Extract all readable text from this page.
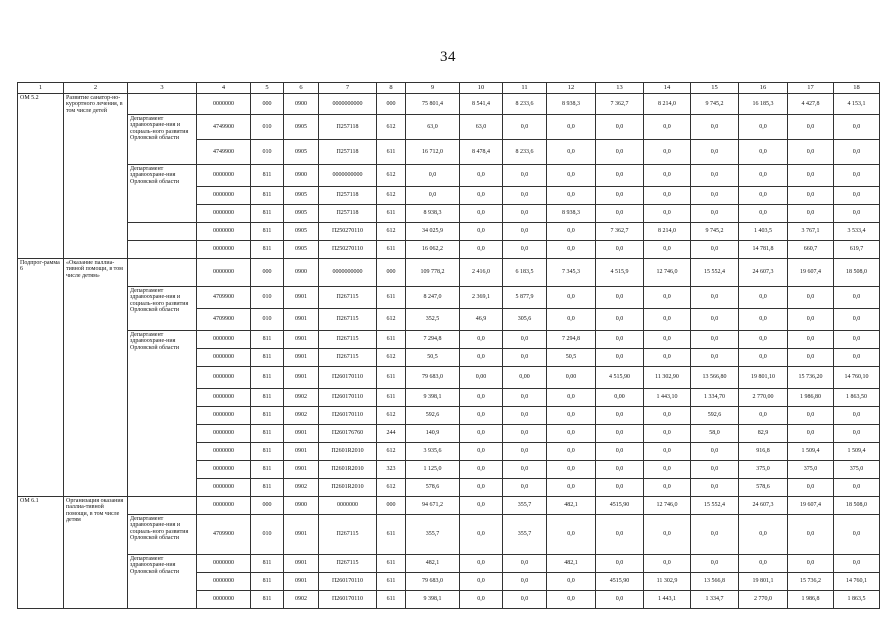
34
1	2	3	4	5	6	7	8	9	10	11	12	13	14	15	16	17	18
ОМ 5.2	Развитие санатор-но-курортного лечения, в том числе детей		0000000	000	0900	0000000000	000	75 801,4	8 541,4	8 233,6	8 938,3	7 362,7	8 214,0	9 745,2	16 185,3	4 427,8	4 153,1
		Департамент здравоохране-ния и социаль-ного развития Орловской области	4749900	010	0905	П257118	612	63,0	63,0	0,0	0,0	0,0	0,0	0,0	0,0	0,0	0,0
			4749900	010	0905	П257118	611	16 712,0	8 478,4	8 233,6	0,0	0,0	0,0	0,0	0,0	0,0	0,0
		Департамент здравоохране-ния Орловской области	0000000	811	0900	0000000000	612	0,0	0,0	0,0	0,0	0,0	0,0	0,0	0,0	0,0	0,0
			0000000	811	0905	П257118	612	0,0	0,0	0,0	0,0	0,0	0,0	0,0	0,0	0,0	0,0
			0000000	811	0905	П257118	611	8 938,3	0,0	0,0	8 938,3	0,0	0,0	0,0	0,0	0,0	0,0
			0000000	811	0905	П250270110	612	34 025,9	0,0	0,0	0,0	7 362,7	8 214,0	9 745,2	1 403,5	3 767,1	3 533,4
			0000000	811	0905	П250270110	611	16 062,2	0,0	0,0	0,0	0,0	0,0	0,0	14 781,8	660,7	619,7
Подпрог-рамма 6	«Оказание паллиа-тивной помощи, в том числе детям»		0000000	000	0900	0000000000	000	109 778,2	2 416,0	6 183,5	7 345,3	4 515,9	12 746,0	15 552,4	24 607,3	19 607,4	18 508,0
		Департамент здравоохране-ния и социаль-ного развития Орловской области	4709900	010	0901	П267115	611	8 247,0	2 369,1	5 877,9	0,0	0,0	0,0	0,0	0,0	0,0	0,0
			4709900	010	0901	П267115	612	352,5	46,9	305,6	0,0	0,0	0,0	0,0	0,0	0,0	0,0
		Департамент здравоохране-ния Орловской области	0000000	811	0901	П267115	611	7 294,8	0,0	0,0	7 294,8	0,0	0,0	0,0	0,0	0,0	0,0
			0000000	811	0901	П267115	612	50,5	0,0	0,0	50,5	0,0	0,0	0,0	0,0	0,0	0,0
			0000000	811	0901	П260170110	611	79 683,0	0,00	0,00	0,00	4 515,90	11 302,90	13 566,80	19 801,10	15 736,20	14 760,10
			0000000	811	0902	П260170110	611	9 398,1	0,0	0,0	0,0	0,00	1 443,10	1 334,70	2 770,00	1 986,80	1 863,50
			0000000	811	0902	П260170110	612	592,6	0,0	0,0	0,0	0,0	0,0	592,6	0,0	0,0	0,0
			0000000	811	0901	П260176760	244	140,9	0,0	0,0	0,0	0,0	0,0	58,0	82,9	0,0	0,0
			0000000	811	0901	П2601R2010	612	3 935,6	0,0	0,0	0,0	0,0	0,0	0,0	916,8	1 509,4	1 509,4
			0000000	811	0901	П2601R2010	323	1 125,0	0,0	0,0	0,0	0,0	0,0	0,0	375,0	375,0	375,0
			0000000	811	0902	П2601R2010	612	578,6	0,0	0,0	0,0	0,0	0,0	0,0	578,6	0,0	0,0
ОМ 6.1	Организация оказания паллиа-тивной помощи, в том числе детям		0000000	000	0900	0000000	000	94 671,2	0,0	355,7	482,1	4515,90	12 746,0	15 552,4	24 607,3	19 607,4	18 508,0
		Департамент здравоохране-ния и социаль-ного развития Орловской области	4709900	010	0901	П267115	611	355,7	0,0	355,7	0,0	0,0	0,0	0,0	0,0	0,0	0,0
		Департамент здравоохране-ния Орловской области	0000000	811	0901	П267115	611	482,1	0,0	0,0	482,1	0,0	0,0	0,0	0,0	0,0	0,0
			0000000	811	0901	П260170110	611	79 683,0	0,0	0,0	0,0	4515,90	11 302,9	13 566,8	19 801,1	15 736,2	14 760,1
			0000000	811	0902	П260170110	611	9 398,1	0,0	0,0	0,0	0,0	1 443,1	1 334,7	2 770,0	1 986,8	1 863,5
